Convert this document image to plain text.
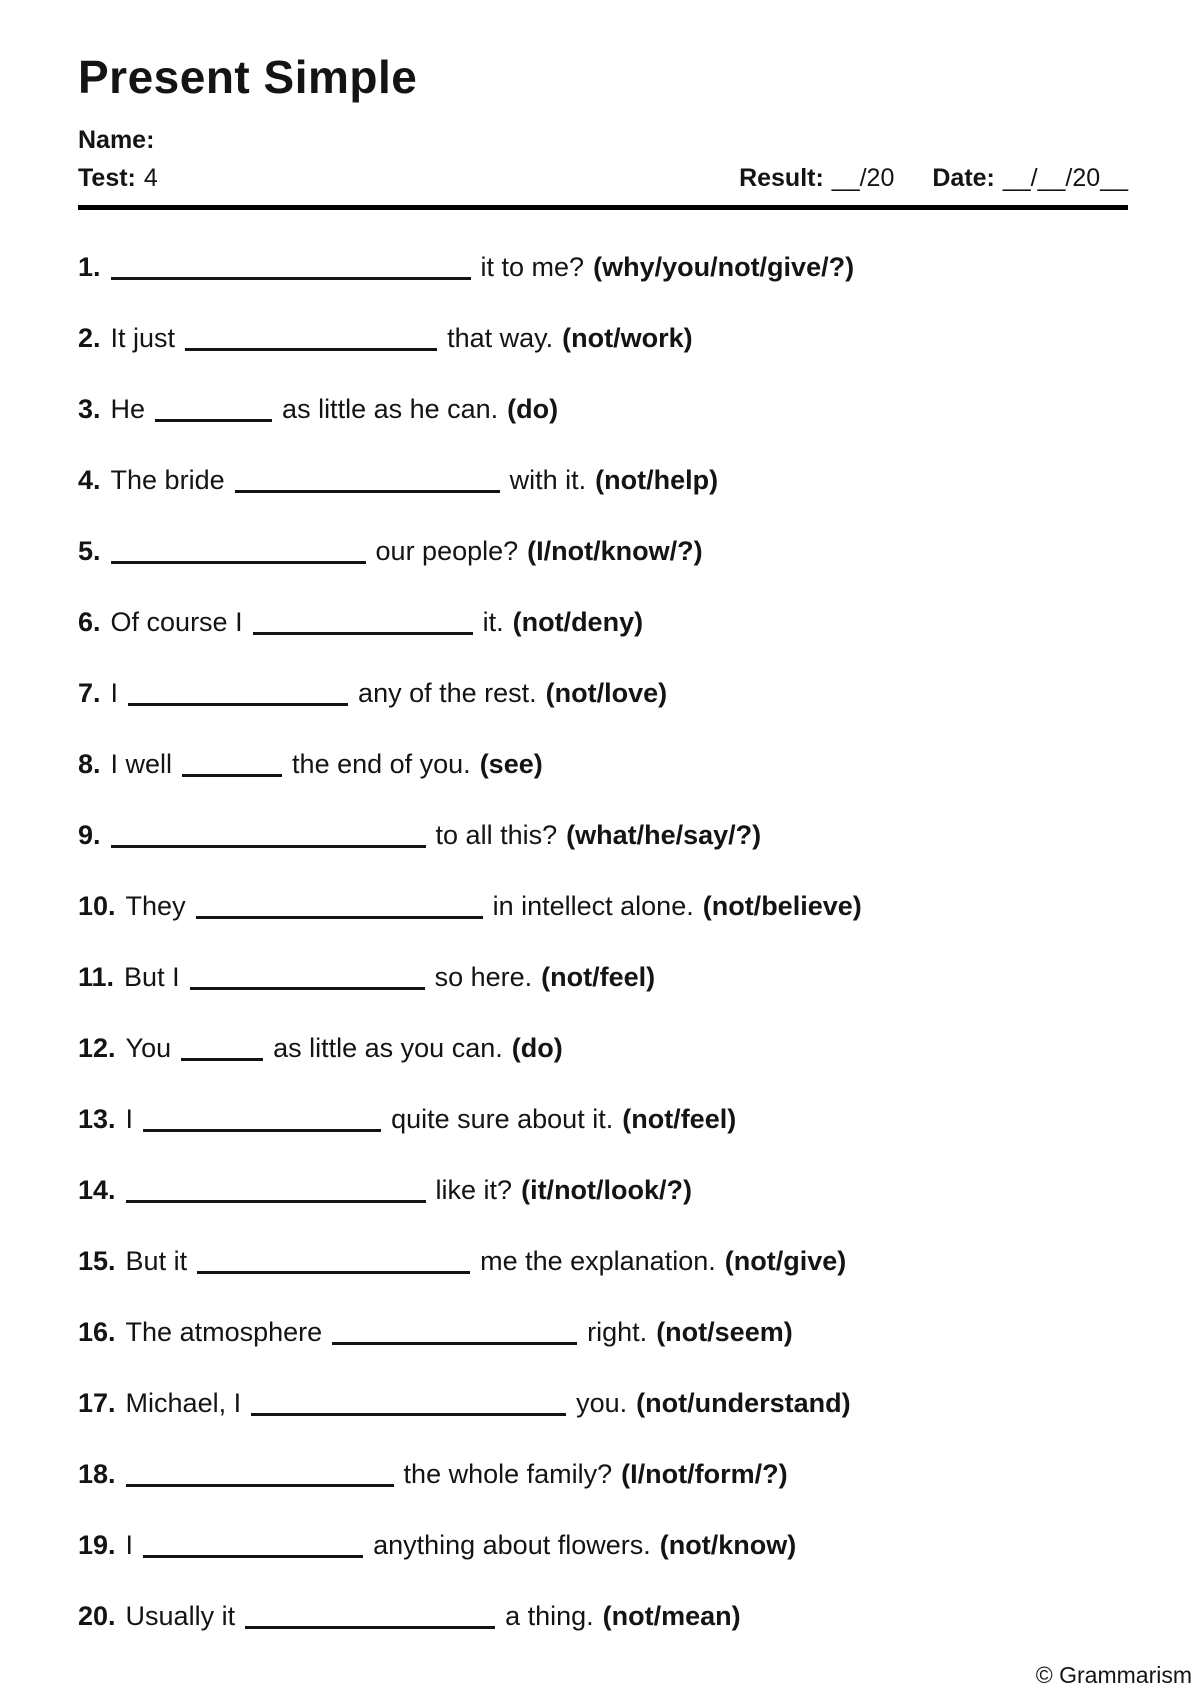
Present Simple
Name:
Test: 4	Result: __/20 Date: __/__/20__
1.	it to me? (why/you/not/give/?)
2. It just	that way. (not/work)
3. He	as little as he can. (do)
4. The bride	with it. (not/help)
5.	our people? (I/not/know/?)
6. Of course I	it. (not/deny)
7. I	any of the rest. (not/love)
8. I well	the end of you. (see)
9.	to all this? (what/he/say/?)
10. They	in intellect alone. (not/believe)
11. But I	so here. (not/feel)
12. You	as little as you can. (do)
13. I	quite sure about it. (not/feel)
14.	like it? (it/not/look/?)
15. But it	me the explanation. (not/give)
16. The atmosphere	right. (not/seem)
17. Michael, I	you. (not/understand)
18.	the whole family? (I/not/form/?)
19. I	anything about flowers. (not/know)
20. Usually it	a thing. (not/mean)
© Grammarism
